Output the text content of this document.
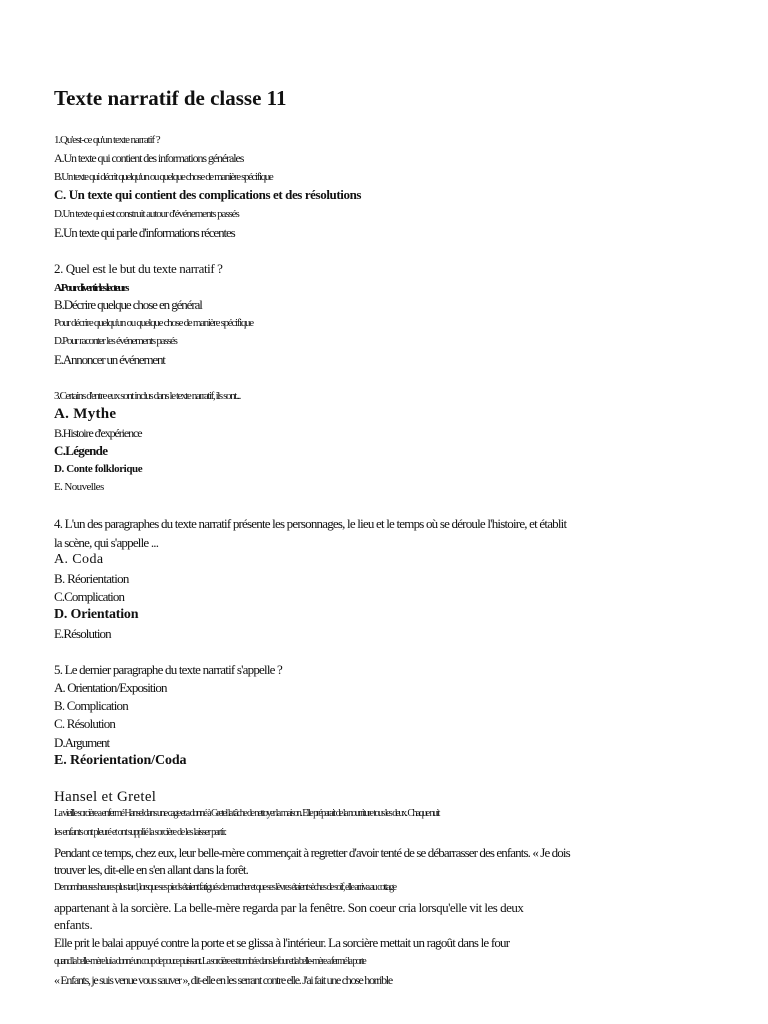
Texte narratif de classe 11
1.Qu'est-ce qu'un texte narratif ?
A.Un texte qui contient des informations générales
B.Un texte qui décrit quelqu'un ou quelque chose de manière spécifique
C. Un texte qui contient des complications et des résolutions
D.Un texte qui est construit autour d'événements passés
E.Un texte qui parle d'informations récentes
2. Quel est le but du texte narratif ?
A.Pour divertir les lecteurs
B.Décrire quelque chose en général
Pour décrire quelqu'un ou quelque chose de manière spécifique
D.Pour raconter les événements passés
E.Annoncer un événement
3.Certains d'entre eux sont inclus dans le texte narratif, ils sont...
A. Mythe
B.Histoire d'expérience
C.Légende
D. Conte folklorique
E. Nouvelles
4. L'un des paragraphes du texte narratif présente les personnages, le lieu et le temps où se déroule l'histoire, et établit
la scène, qui s'appelle ...
A. Coda
B. Réorientation
C.Complication
D. Orientation
E.Résolution
5. Le dernier paragraphe du texte narratif s'appelle ?
A. Orientation/Exposition
B. Complication
C. Résolution
D.Argument
E. Réorientation/Coda
Hansel et Gretel
La vieille sorcière a enfermé Hansel dans une cage et a donné à Gretel la tâche de nettoyer la maison. Elle préparait de la nourriture tous les deux. Chaque nuit
les enfants ont pleuré et ont supplié la sorcière de les laisser partir.
Pendant ce temps, chez eux, leur belle-mère commençait à regretter d'avoir tenté de se débarrasser des enfants. « Je dois
trouver les, dit-elle en s'en allant dans la forêt.
De nombreuses heures plus tard, lorsque ses pieds étaient fatigués de marcher et que ses lèvres étaient sèches de soif, elle arriva au cottage
appartenant à la sorcière. La belle-mère regarda par la fenêtre. Son coeur cria lorsqu'elle vit les deux
enfants.
Elle prit le balai appuyé contre la porte et se glissa à l'intérieur. La sorcière mettait un ragoût dans le four
quand la belle-mère lui a donné un coup de pouce puissant. La sorcière est tombée dans le four et la belle-mère a fermé la porte
« Enfants, je suis venue vous sauver », dit-elle en les serrant contre elle. J'ai fait une chose horrible
